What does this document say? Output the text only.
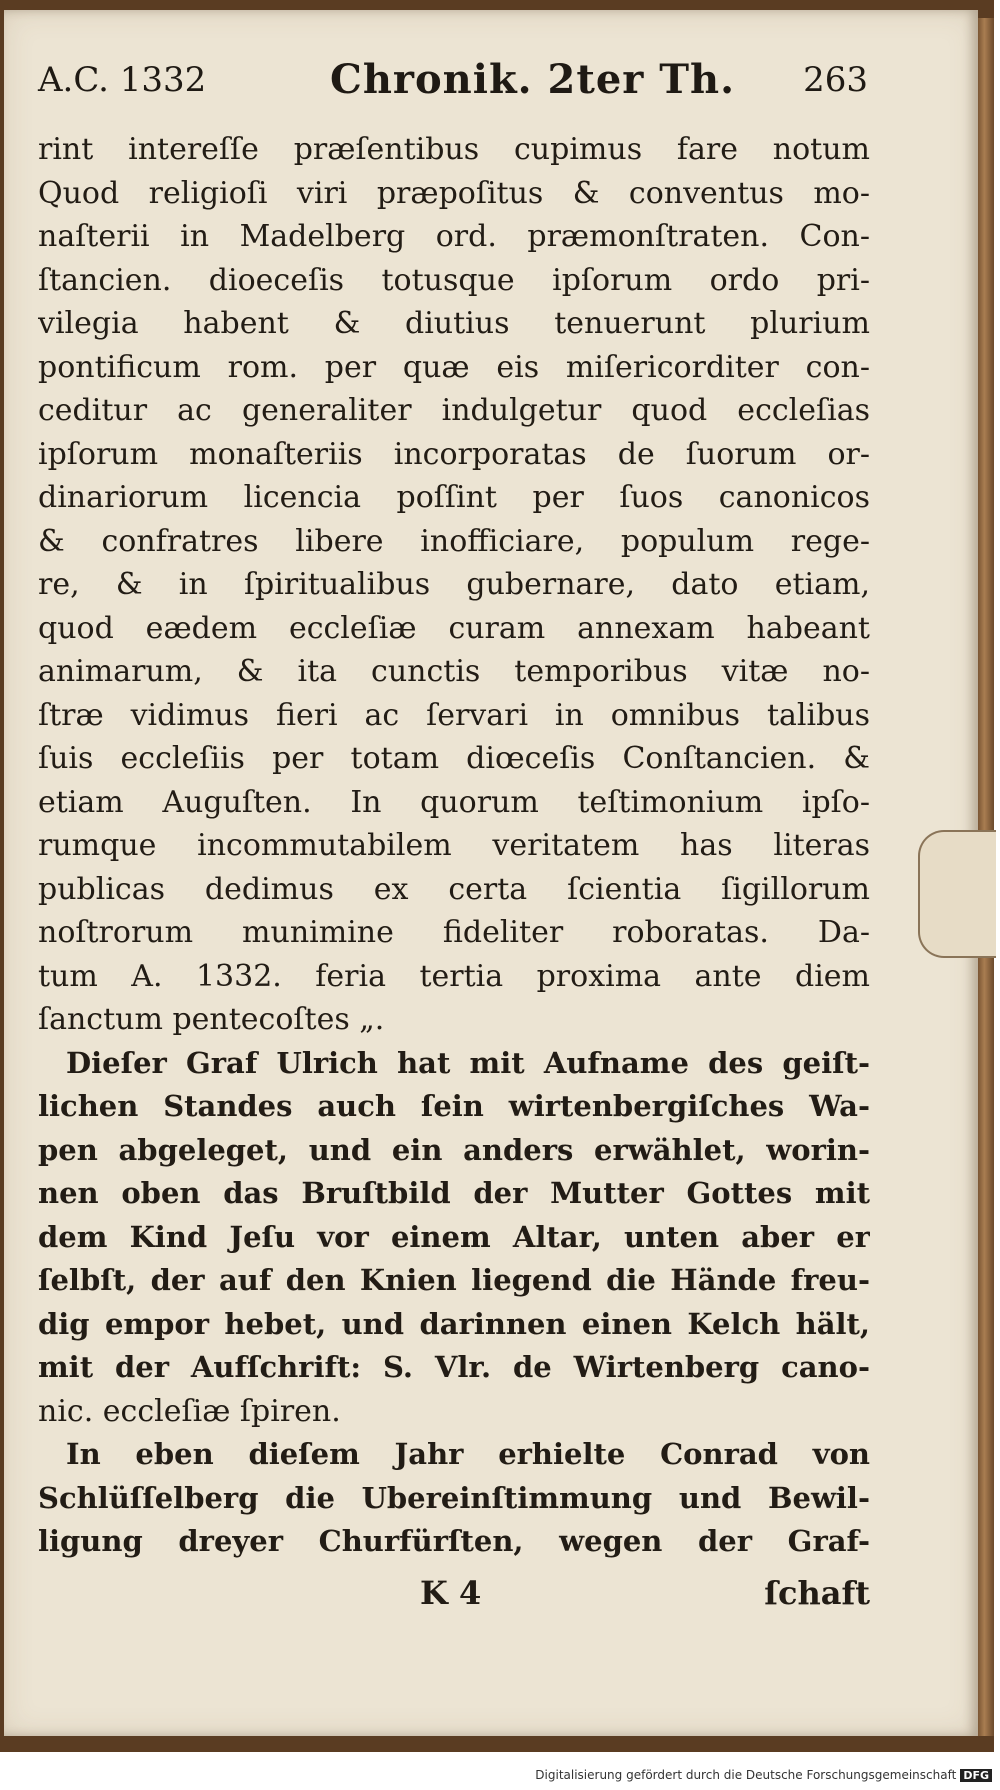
A.C. 1332	Chronik. 2ter Th. 263
rint intereſſe præſentibus cupimus fare notum
Quod religioſi viri præpoſitus & conventus mo-
naſterii in Madelberg ord. præmonſtraten. Con-
ſtancien. dioeceſis totusque ipſorum ordo pri-
vilegia habent & diutius tenuerunt plurium
pontificum rom. per quæ eis miſericorditer con-
ceditur ac generaliter indulgetur quod eccleſias
ipſorum monaſteriis incorporatas de ſuorum or-
dinariorum licencia poſſint per ſuos canonicos
& confratres libere inofficiare, populum rege-
re, & in ſpiritualibus gubernare, dato etiam,
quod eædem eccleſiæ curam annexam habeant
animarum, & ita cunctis temporibus vitæ no-
ſtræ vidimus fieri ac ſervari in omnibus talibus
ſuis eccleſiis per totam diœceſis Conſtancien. &
etiam Auguſten. In quorum teſtimonium ipſo-
rumque incommutabilem veritatem has literas
publicas dedimus ex certa ſcientia ſigillorum
noſtrorum munimine fideliter roboratas. Da-
tum A. 1332. feria tertia proxima ante diem
ſanctum pentecoſtes „.
Dieſer Graf Ulrich hat mit Aufname des geiſt-
lichen Standes auch ſein wirtenbergiſches Wa-
pen abgeleget, und ein anders erwählet, worin-
nen oben das Bruſtbild der Mutter Gottes mit
dem Kind Jeſu vor einem Altar, unten aber er
ſelbſt, der auf den Knien liegend die Hände freu-
dig empor hebet, und darinnen einen Kelch hält,
mit der Aufſchrift: S. Vlr. de Wirtenberg cano-
nic. eccleſiæ ſpiren.
In eben dieſem Jahr erhielte Conrad von
Schlüſſelberg die Ubereinſtimmung und Bewil-
ligung dreyer Churfürſten, wegen der Graf-
K 4	ſchaft
Digitalisierung gefördert durch die Deutsche Forschungsgemeinschaft DFG
